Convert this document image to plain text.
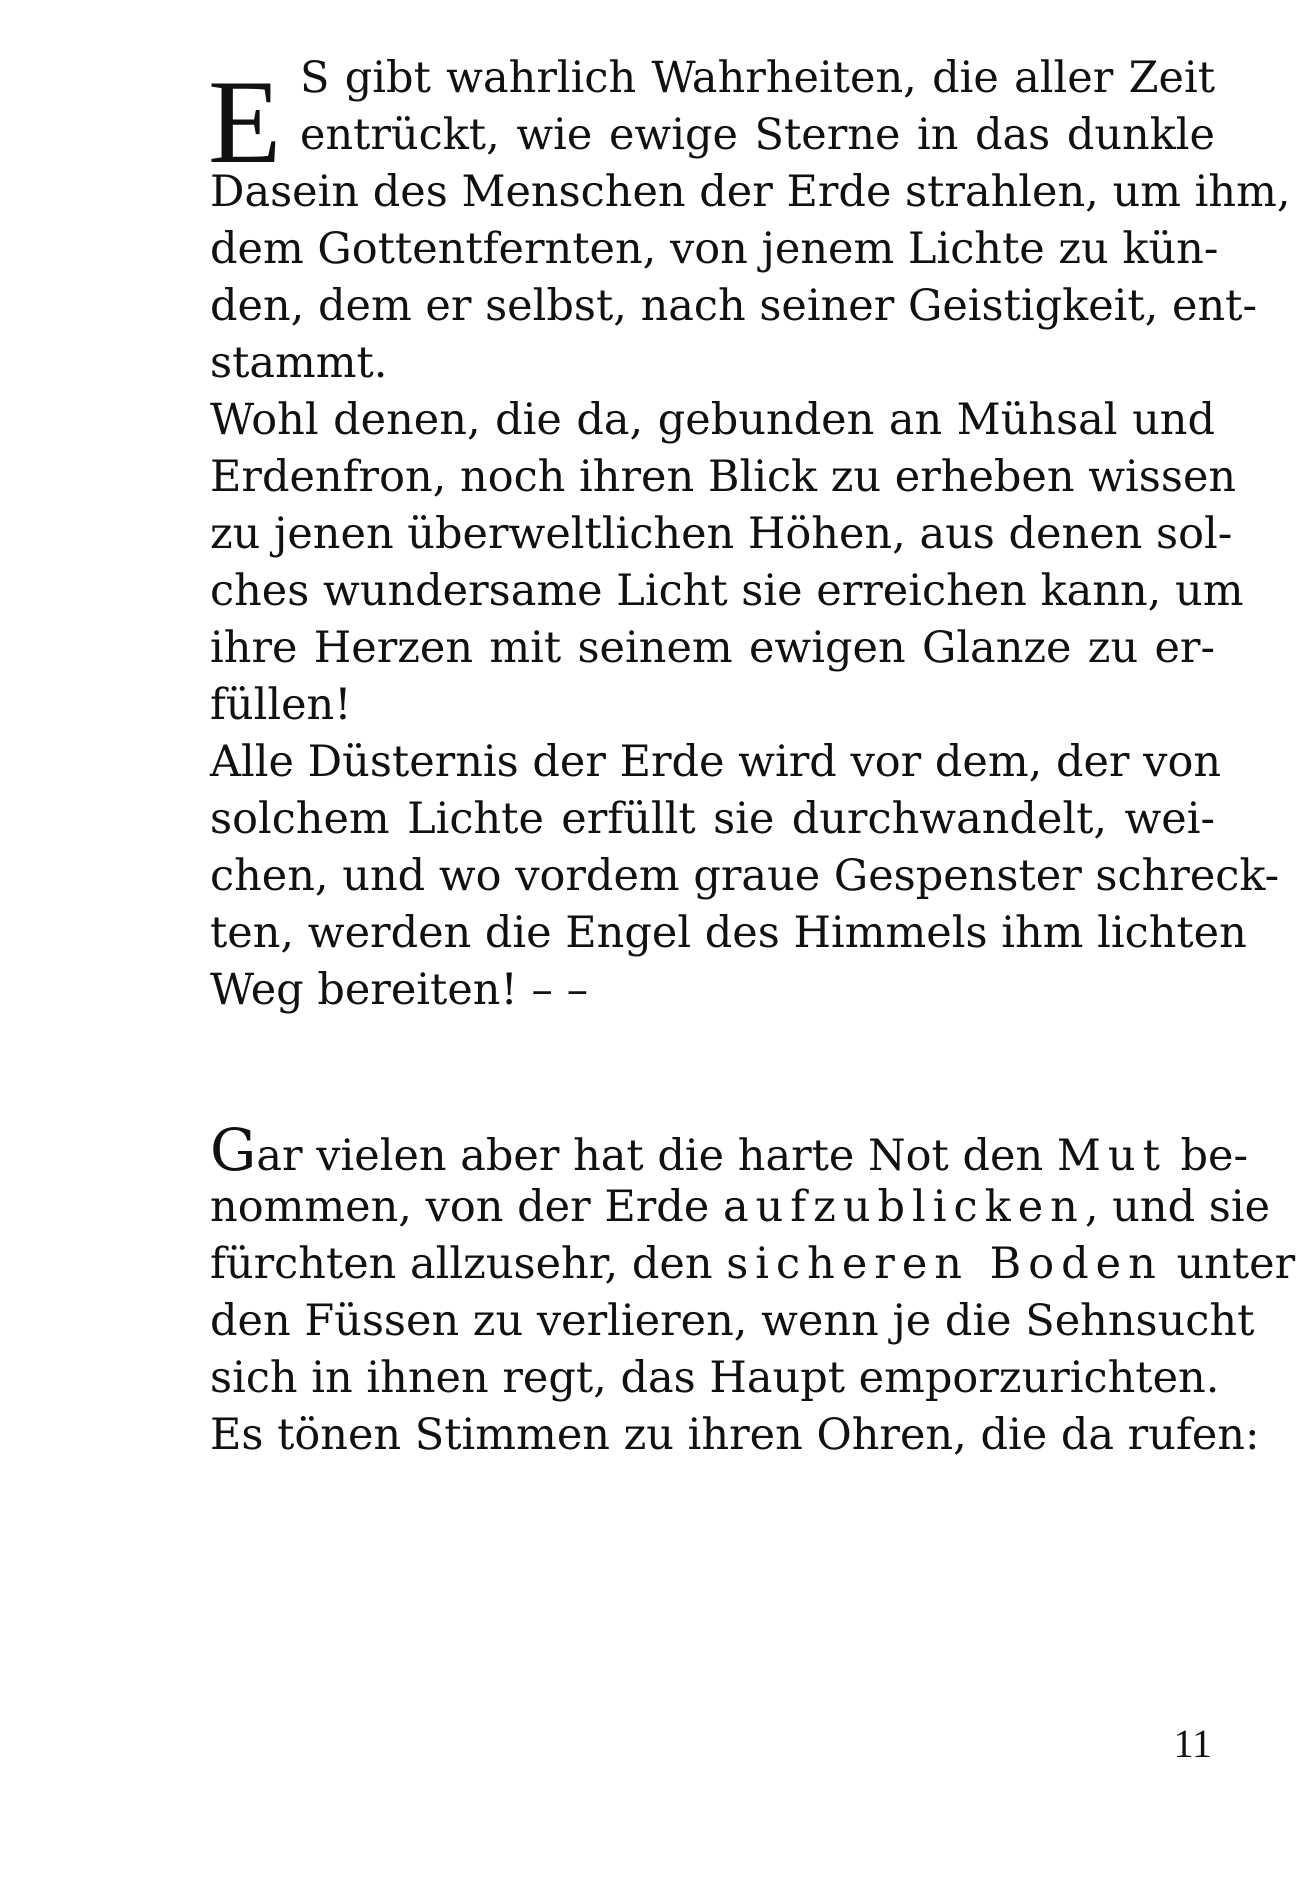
E S gibt wahrlich Wahrheiten, die aller Zeit
entrückt, wie ewige Sterne in das dunkle
Dasein des Menschen der Erde strahlen, um ihm,
dem Gottentfernten, von jenem Lichte zu kün-
den, dem er selbst, nach seiner Geistigkeit, ent-
stammt.
Wohl denen, die da, gebunden an Mühsal und
Erdenfron, noch ihren Blick zu erheben wissen
zu jenen überweltlichen Höhen, aus denen sol-
ches wundersame Licht sie erreichen kann, um
ihre Herzen mit seinem ewigen Glanze zu er-
füllen!
Alle Düsternis der Erde wird vor dem, der von
solchem Lichte erfüllt sie durchwandelt, wei-
chen, und wo vordem graue Gespenster schreck-
ten, werden die Engel des Himmels ihm lichten
Weg bereiten! – –
Gar vielen aber hat die harte Not den Mut be-
nommen, von der Erde aufzublicken, und sie
fürchten allzusehr, den sicheren Boden unter
den Füssen zu verlieren, wenn je die Sehnsucht
sich in ihnen regt, das Haupt emporzurichten.
Es tönen Stimmen zu ihren Ohren, die da rufen:
11
